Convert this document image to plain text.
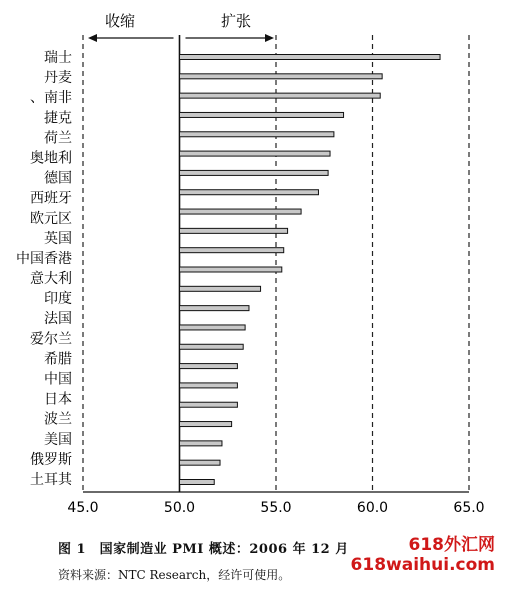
收缩	扩张
瑞士
丹麦
、南非
捷克
荷兰
奥地利
德国
西班牙
欧元区
英国
中国香港
意大利
印度
法国
爱尔兰
希腊
中国
日本
波兰
美国
俄罗斯
土耳其
45.0	50.0	55.0	60.0	65.0
图 1　国家制造业 PMI 概述：2006 年 12 月
资料来源：NTC Research，经许可使用。
618外汇网
618waihui.com
